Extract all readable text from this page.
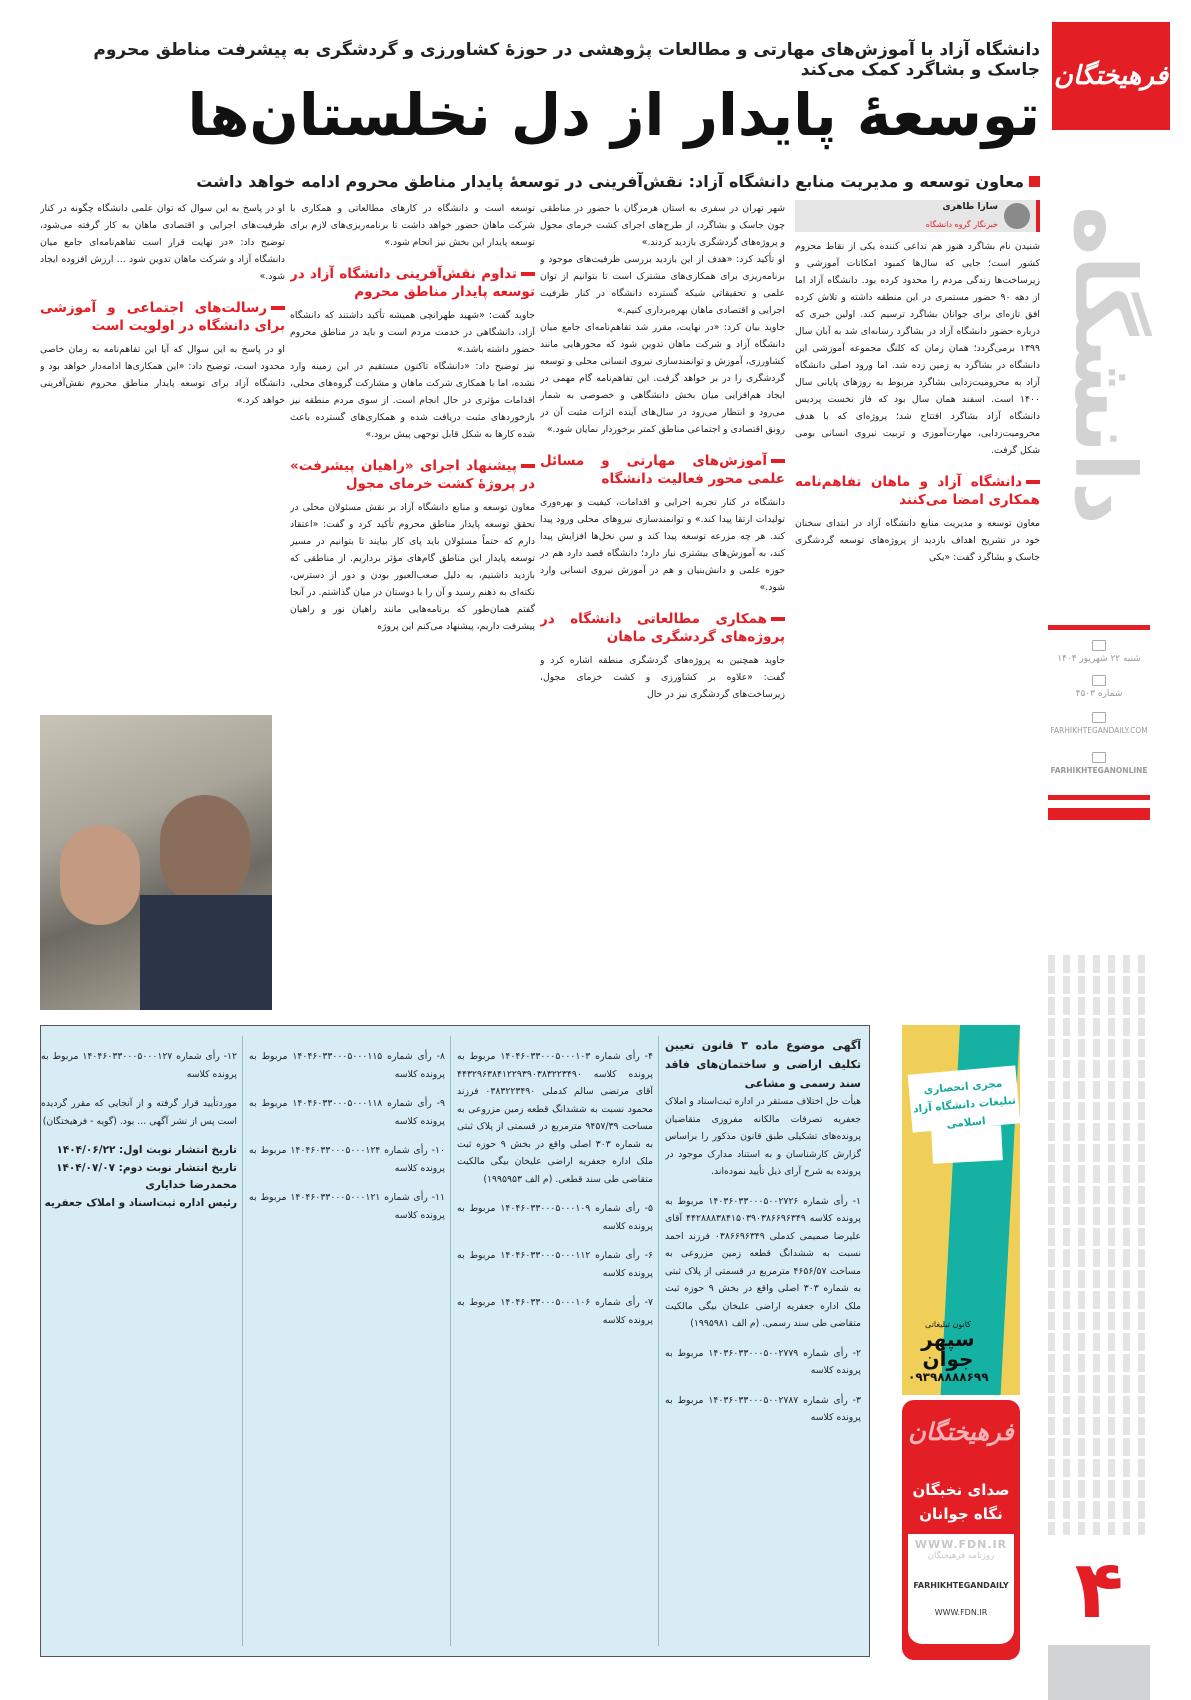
فرهیختگان
دانشگاه
شنبه ۲۲ شهریور ۱۴۰۴
شماره ۴۵۰۳
FARHIKHTEGANDAILY.COM
FARHIKHTEGANONLINE
۴
دانشگاه آزاد با آموزش‌های مهارتی و مطالعات پژوهشی در حوزهٔ کشاورزی و گردشگری به پیشرفت مناطق محروم جاسک و بشاگرد کمک می‌کند
توسعهٔ پایدار از دل نخلستان‌ها
معاون توسعه و مدیریت منابع دانشگاه آزاد: نقش‌آفرینی در توسعهٔ پایدار مناطق محروم ادامه خواهد داشت
سارا طاهری
خبرنگار گروه دانشگاه

شنیدن نام بشاگرد هنوز هم تداعی کننده یکی از نقاط محروم کشور است؛ جایی که سال‌ها کمبود امکانات آموزشی و زیرساخت‌ها زندگی مردم را محدود کرده بود. دانشگاه آزاد اما از دهه ۹۰ حضور مستمری در این منطقه داشته و تلاش کرده افق تازه‌ای برای جوانان بشاگرد ترسیم کند. اولین خبری که درباره حضور دانشگاه آزاد در بشاگرد رسانه‌ای شد به آبان سال ۱۳۹۹ برمی‌گردد؛ همان زمان که کلنگ مجموعه آموزشی این دانشگاه در بشاگرد به زمین زده شد. اما ورود اصلی دانشگاه آزاد به محرومیت‌زدایی بشاگرد مربوط به روزهای پایانی سال ۱۴۰۰ است. اسفند همان سال بود که فاز نخست پردیس دانشگاه آزاد بشاگرد افتتاح شد؛ پروژه‌ای که با هدف محرومیت‌زدایی، مهارت‌آموزی و تربیت نیروی انسانی بومی شکل گرفت.

دانشگاه آزاد و ماهان تفاهم‌نامه همکاری امضا می‌کنند

معاون توسعه و مدیریت منابع دانشگاه آزاد در ابتدای سخنان خود در تشریح اهداف بازدید از پروژه‌های توسعه گردشگری جاسک و بشاگرد گفت: «یکی

شهر تهران در سفری به استان هرمزگان با حضور در مناطقی چون جاسک و بشاگرد، از طرح‌های اجرای کشت خرمای مجول و پروژه‌های گردشگری بازدید کردند.»

او تأکید کرد: «هدف از این بازدید بررسی ظرفیت‌های موجود و برنامه‌ریزی برای همکاری‌های مشترک است تا بتوانیم از توان علمی و تحقیقاتی شبکه گسترده دانشگاه در کنار ظرفیت اجرایی و اقتصادی ماهان بهره‌برداری کنیم.»

جاوید بیان کرد: «در نهایت، مقرر شد تفاهم‌نامه‌ای جامع میان دانشگاه آزاد و شرکت ماهان تدوین شود که محورهایی مانند کشاورزی، آموزش و توانمندسازی نیروی انسانی محلی و توسعه گردشگری را در بر خواهد گرفت. این تفاهم‌نامه گام مهمی در ایجاد هم‌افزایی میان بخش دانشگاهی و خصوصی به شمار می‌رود و انتظار می‌رود در سال‌های آینده اثرات مثبت آن در رونق اقتصادی و اجتماعی مناطق کمتر برخوردار نمایان شود.»

آموزش‌های مهارتی و مسائل علمی محور فعالیت دانشگاه

دانشگاه در کنار تجربه اجرایی و اقدامات، کیفیت و بهره‌وری تولیدات ارتقا پیدا کند.» و توانمندسازی نیروهای محلی ورود پیدا کند. هر چه مزرعه توسعه پیدا کند و سن نخل‌ها افزایش پیدا کند، به آموزش‌های بیشتری نیاز دارد؛ دانشگاه قصد دارد هم در حوزه علمی و دانش‌بنیان و هم در آموزش نیروی انسانی وارد شود.»

همکاری مطالعاتی دانشگاه در پروژه‌های گردشگری ماهان

جاوید همچنین به پروژه‌های گردشگری منطقه اشاره کرد و گفت: «علاوه بر کشاورزی و کشت خرمای مجول، زیرساخت‌های گردشگری نیز در حال

توسعه است و دانشگاه در کارهای مطالعاتی و همکاری با شرکت ماهان حضور خواهد داشت تا برنامه‌ریزی‌های لازم برای توسعه پایدار این بخش نیز انجام شود.»

تداوم نقش‌آفرینی دانشگاه آزاد در توسعه پایدار مناطق محروم

جاوید گفت: «شهید طهرانچی همیشه تأکید داشتند که دانشگاه آزاد، دانشگاهی در خدمت مردم است و باید در مناطق محروم حضور داشته باشد.»

نیز توضیح داد: «دانشگاه تاکنون مستقیم در این زمینه وارد نشده، اما با همکاری شرکت ماهان و مشارکت گروه‌های محلی، اقدامات مؤثری در حال انجام است. از سوی مردم منطقه نیز بازخوردهای مثبت دریافت شده و همکاری‌های گسترده باعث شده کارها به شکل قابل توجهی پیش برود.»

پیشنهاد اجرای «راهیان پیشرفت» در پروژهٔ کشت خرمای مجول

معاون توسعه و منابع دانشگاه آزاد بر نقش مسئولان محلی در تحقق توسعه پایدار مناطق محروم تأکید کرد و گفت: «اعتقاد دارم که حتماً مسئولان باید پای کار بیایند تا بتوانیم در مسیر توسعه پایدار این مناطق گام‌های مؤثر برداریم. از مناطقی که بازدید داشتیم، به دلیل صعب‌العبور بودن و دور از دسترس، نکته‌ای به ذهنم رسید و آن را با دوستان در میان گذاشتم. در آنجا گفتم همان‌طور که برنامه‌هایی مانند راهیان نور و راهیان پیشرفت داریم، پیشنهاد می‌کنم این پروژه

او در پاسخ به این سوال که توان علمی دانشگاه چگونه در کنار ظرفیت‌های اجرایی و اقتصادی ماهان به کار گرفته می‌شود، توضیح داد: «در نهایت قرار است تفاهم‌نامه‌ای جامع میان دانشگاه آزاد و شرکت ماهان تدوین شود ... ارزش افزوده ایجاد شود.»

رسالت‌های اجتماعی و آموزشی برای دانشگاه در اولویت است

او در پاسخ به این سوال که آیا این تفاهم‌نامه به زمان خاصی محدود است، توضیح داد: «این همکاری‌ها ادامه‌دار خواهد بود و دانشگاه آزاد برای توسعه پایدار مناطق محروم نقش‌آفرینی خواهد کرد.»

آگهی موضوع ماده ۳ قانون تعیین تکلیف اراضی و ساختمان‌های فاقد سند رسمی و مشاعی

هیأت حل اختلاف مستقر در اداره ثبت‌اسناد و املاک جعفریه تصرفات مالکانه مفروزی متقاضیان پرونده‌های تشکیلی طبق قانون مذکور را براساس گزارش کارشناسان و به استناد مدارک موجود در پرونده به شرح آرای ذیل تأیید نموده‌اند.

۱- رأی شماره ۱۴۰۳۶۰۳۳۰۰۰۵۰۰۲۷۲۶ مربوط به پرونده کلاسه ۴۴۲۸۸۸۳۸۴۱۵۰۳۹۰۳۸۶۶۹۶۳۴۹ آقای علیرضا صمیمی کدملی ۰۳۸۶۶۹۶۳۴۹ فرزند احمد نسبت به ششدانگ قطعه زمین مزروعی به مساحت ۴۶۵۶/۵۷ مترمربع در قسمتی از پلاک ثبتی به شماره ۳۰۳ اصلی واقع در بخش ۹ حوزه ثبت ملک اداره جعفریه اراضی علیخان بیگی مالکیت متقاضی طی سند رسمی. (م الف ۱۹۹۵۹۸۱)

۲- رأی شماره ۱۴۰۳۶۰۳۳۰۰۰۵۰۰۲۷۷۹ مربوط به پرونده کلاسه

۳- رأی شماره ۱۴۰۳۶۰۳۳۰۰۰۵۰۰۲۷۸۷ مربوط به پرونده کلاسه

۴- رأی شماره ۱۴۰۴۶۰۳۳۰۰۰۵۰۰۰۱۰۳ مربوط به پرونده کلاسه ۴۴۳۲۹۶۳۸۴۱۲۲۹۳۹۰۳۸۳۲۲۳۴۹۰ آقای مرتضی سالم کدملی ۰۳۸۳۲۲۳۴۹۰ فرزند محمود نسبت به ششدانگ قطعه زمین مزروعی به مساحت ۹۴۵۷/۳۹ مترمربع در قسمتی از پلاک ثبتی به شماره ۳۰۳ اصلی واقع در بخش ۹ حوزه ثبت ملک اداره جعفریه اراضی علیخان بیگی مالکیت متقاضی طی سند قطعی. (م الف ۱۹۹۵۹۵۳)

۵- رأی شماره ۱۴۰۴۶۰۳۳۰۰۰۵۰۰۰۱۰۹ مربوط به پرونده کلاسه

۶- رأی شماره ۱۴۰۴۶۰۳۳۰۰۰۵۰۰۰۱۱۲ مربوط به پرونده کلاسه

۷- رأی شماره ۱۴۰۴۶۰۳۳۰۰۰۵۰۰۰۱۰۶ مربوط به پرونده کلاسه

۸- رأی شماره ۱۴۰۴۶۰۳۳۰۰۰۵۰۰۰۱۱۵ مربوط به پرونده کلاسه

۹- رأی شماره ۱۴۰۴۶۰۳۳۰۰۰۵۰۰۰۱۱۸ مربوط به پرونده کلاسه

۱۰- رأی شماره ۱۴۰۴۶۰۳۳۰۰۰۵۰۰۰۱۲۴ مربوط به پرونده کلاسه

۱۱- رأی شماره ۱۴۰۴۶۰۳۳۰۰۰۵۰۰۰۱۲۱ مربوط به پرونده کلاسه

۱۲- رأی شماره ۱۴۰۴۶۰۳۳۰۰۰۵۰۰۰۱۲۷ مربوط به پرونده کلاسه

موردتأیید قرار گرفته و از آنجایی که مقرر گردیده است پس از نشر آگهی ... بود. (گویه - فرهیختگان)

تاریخ انتشار نوبت اول: ۱۴۰۴/۰۶/۲۲

تاریخ انتشار نوبت دوم: ۱۴۰۴/۰۷/۰۷

محمدرضا خدایاری

رئیس اداره ثبت‌اسناد و املاک جعفریه

مجری انحصاری تبلیغات دانشگاه آزاد اسلامی
کانون تبلیغاتی
سپهر جوان
۰۹۳۹۸۸۸۸۶۹۹
فرهیختگان
صدای نخبگان
نگاه جوانان
WWW.FDN.IR
روزنامه فرهیختگان
FARHIKHTEGANDAILY
WWW.FDN.IR
